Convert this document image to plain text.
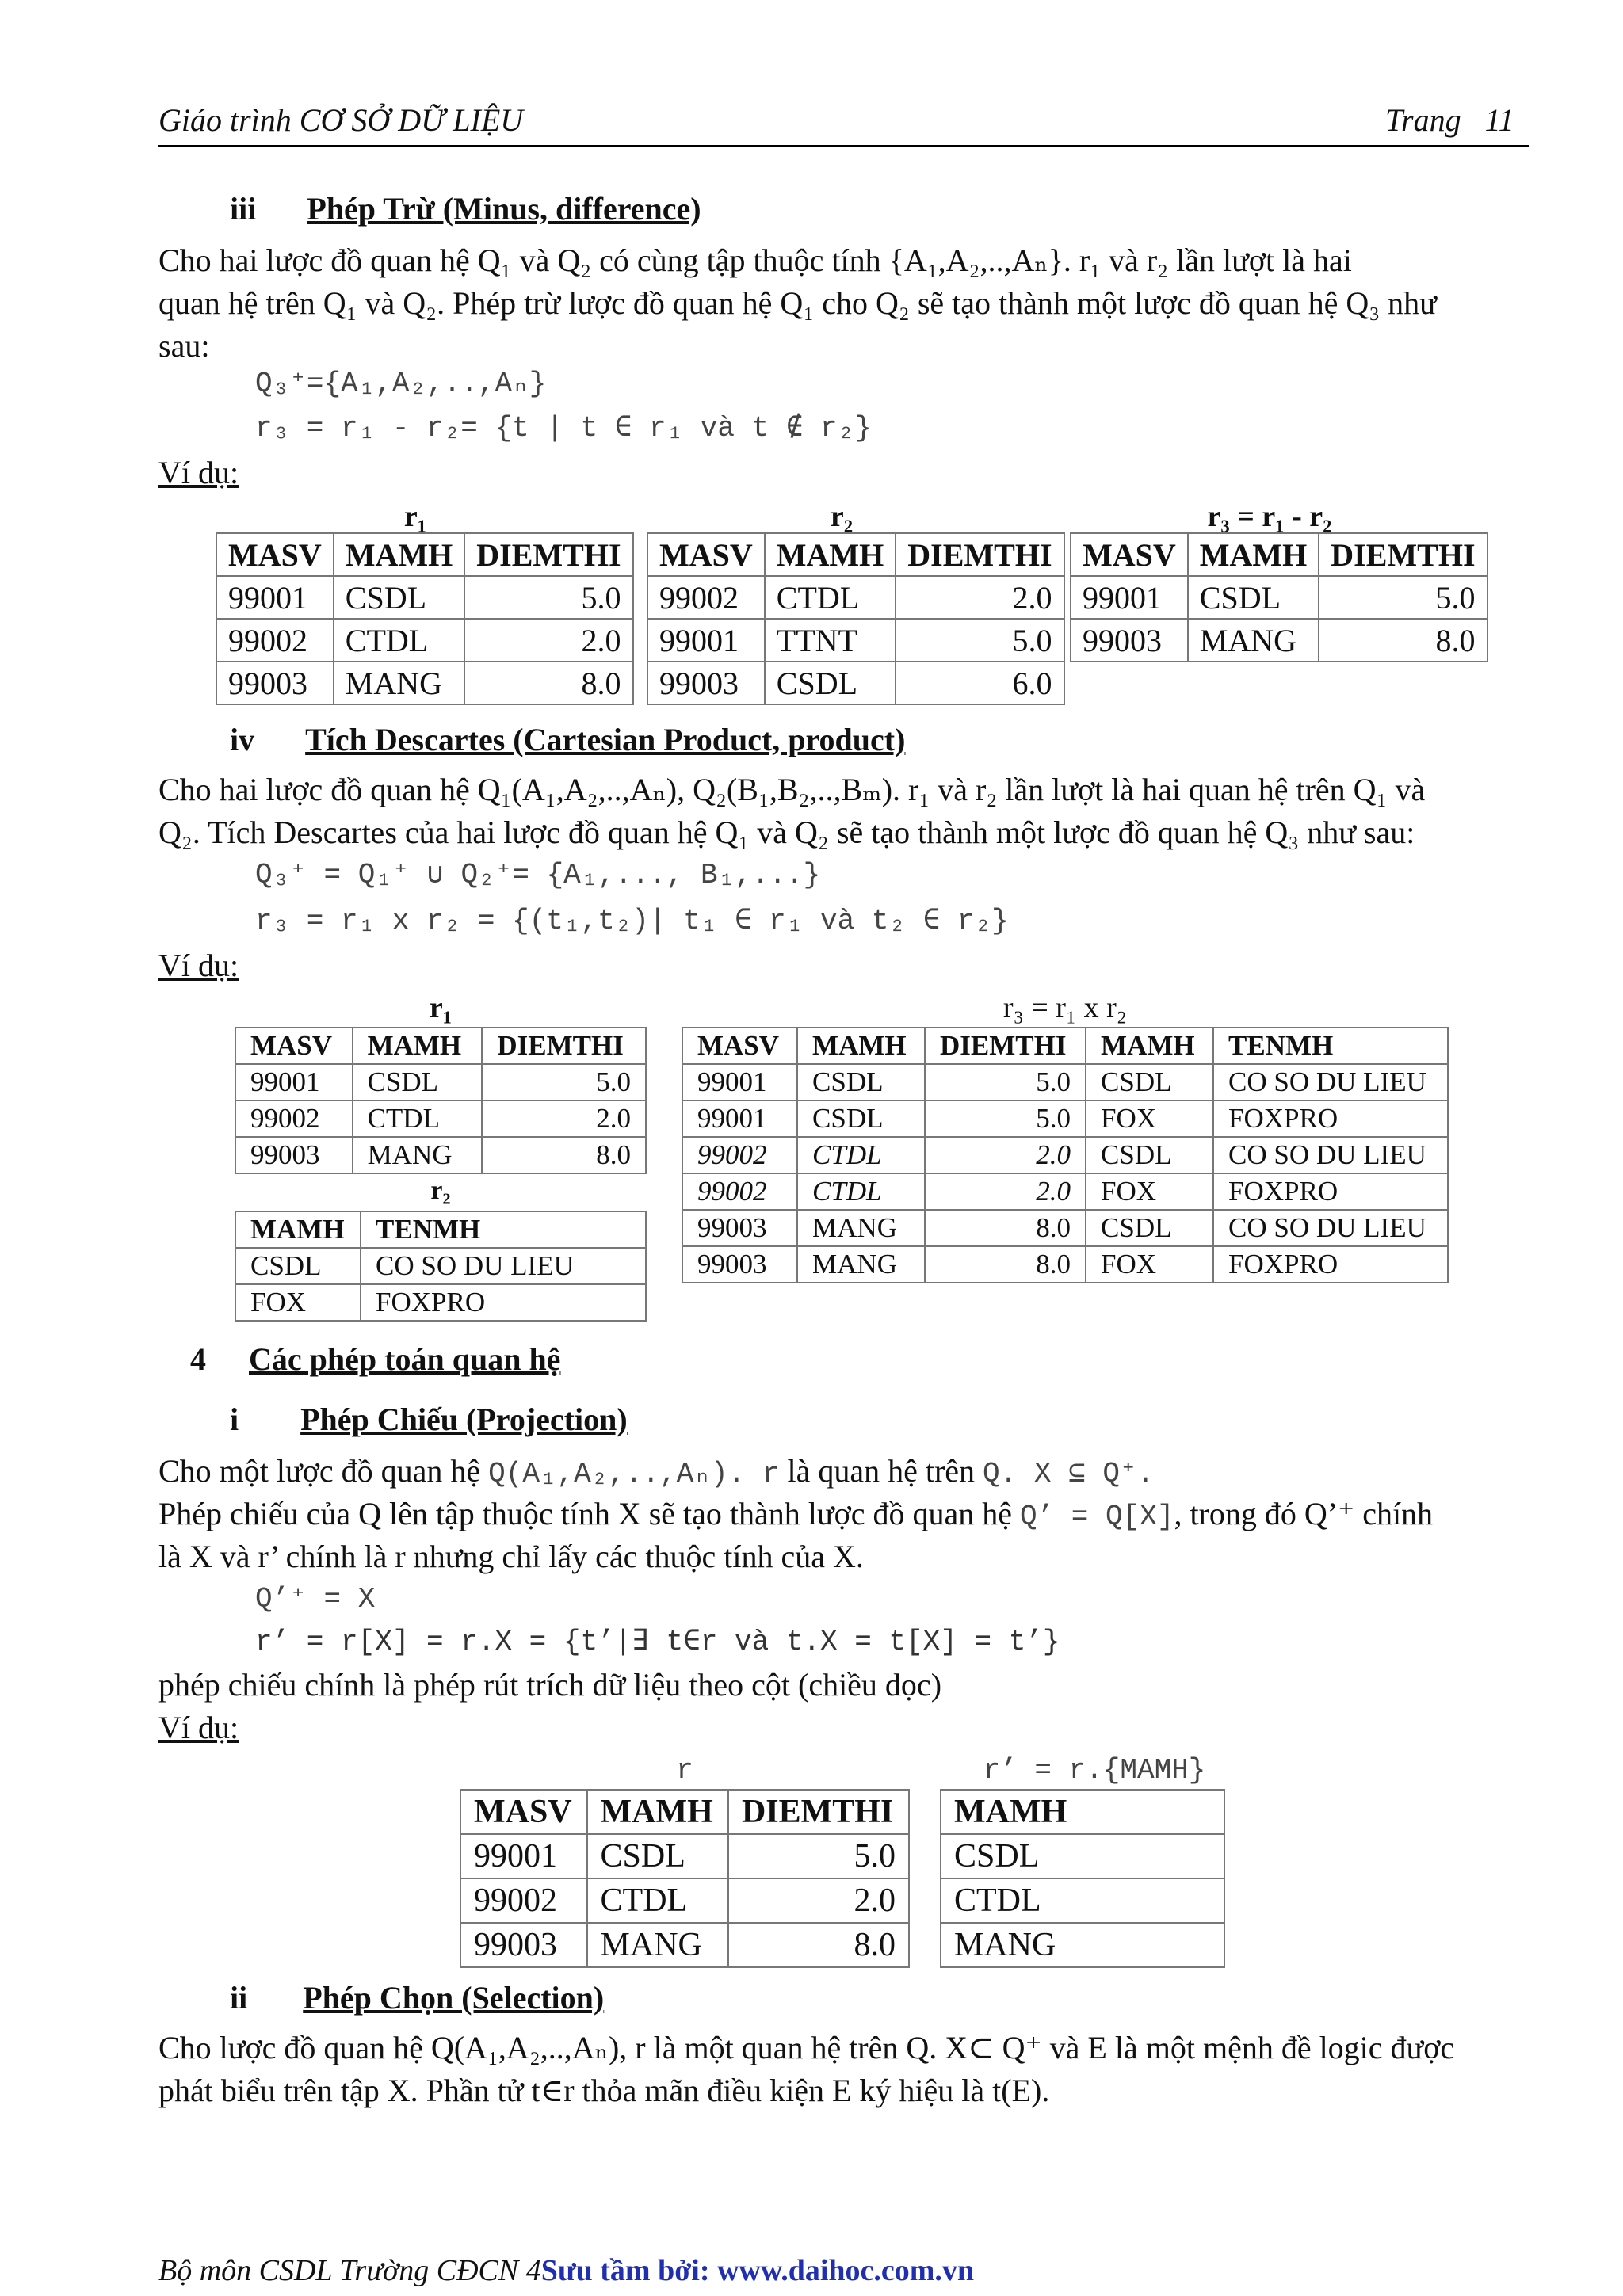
Giáo trình CƠ SỞ DỮ LIỆU	Trang   11
iii Phép Trừ (Minus, difference)
Cho hai lược đồ quan hệ Q₁ và Q₂ có cùng tập thuộc tính {A₁,A₂,..,Aₙ}. r₁ và r₂ lần lượt là hai
quan hệ trên Q₁ và Q₂. Phép trừ lược đồ quan hệ Q₁ cho Q₂ sẽ tạo thành một lược đồ quan hệ Q₃ như
sau:
Q₃⁺={A₁,A₂,..,Aₙ}
r₃ = r₁ - r₂= {t | t ∈ r₁ và t ∉ r₂}
Ví dụ:
r₁	r₂	r₃ = r₁ - r₂
MASV	MAMH	DIEMTHI
99001	CSDL	5.0
99002	CTDL	2.0
99003	MANG	8.0
MASV	MAMH	DIEMTHI
99002	CTDL	2.0
99001	TTNT	5.0
99003	CSDL	6.0
MASV	MAMH	DIEMTHI
99001	CSDL	5.0
99003	MANG	8.0
iv Tích Descartes (Cartesian Product, product)
Cho hai lược đồ quan hệ Q₁(A₁,A₂,..,Aₙ), Q₂(B₁,B₂,..,Bₘ). r₁ và r₂ lần lượt là hai quan hệ trên Q₁ và
Q₂. Tích Descartes của hai lược đồ quan hệ Q₁ và Q₂ sẽ tạo thành một lược đồ quan hệ Q₃ như sau:
Q₃⁺ = Q₁⁺ ∪ Q₂⁺= {A₁,..., B₁,...}
r₃ = r₁ x r₂ = {(t₁,t₂)| t₁ ∈ r₁ và t₂ ∈ r₂}
Ví dụ:
r₁	r₃ = r₁ x r₂
MASV	MAMH	DIEMTHI
99001	CSDL	5.0
99002	CTDL	2.0
99003	MANG	8.0
r₂
MAMH	TENMH
CSDL	CO SO DU LIEU
FOX	FOXPRO
MASV	MAMH	DIEMTHI	MAMH	TENMH
99001	CSDL	5.0	CSDL	CO SO DU LIEU
99001	CSDL	5.0	FOX	FOXPRO
99002	CTDL	2.0	CSDL	CO SO DU LIEU
99002	CTDL	2.0	FOX	FOXPRO
99003	MANG	8.0	CSDL	CO SO DU LIEU
99003	MANG	8.0	FOX	FOXPRO
4 Các phép toán quan hệ
i Phép Chiếu (Projection)
Cho một lược đồ quan hệ Q(A₁,A₂,..,Aₙ). r là quan hệ trên Q. X ⊆ Q⁺.
Phép chiếu của Q lên tập thuộc tính X sẽ tạo thành lược đồ quan hệ Q’ = Q[X], trong đó Q’⁺ chính
là X và r’ chính là r nhưng chỉ lấy các thuộc tính của X.
Q’⁺ = X
r’ = r[X] = r.X = {t’|∃ t∈r và t.X = t[X] = t’}
phép chiếu chính là phép rút trích dữ liệu theo cột (chiều dọc)
Ví dụ:
r	r’ = r.{MAMH}
MASV	MAMH	DIEMTHI
99001	CSDL	5.0
99002	CTDL	2.0
99003	MANG	8.0
MAMH
CSDL
CTDL
MANG
ii Phép Chọn (Selection)
Cho lược đồ quan hệ Q(A₁,A₂,..,Aₙ), r là một quan hệ trên Q. X⊂ Q⁺ và E là một mệnh đề logic được
phát biểu trên tập X. Phần tử t∈r thỏa mãn điều kiện E ký hiệu là t(E).
Bộ môn CSDL Trường CĐCN 4Sưu tầm bởi: www.daihoc.com.vn
